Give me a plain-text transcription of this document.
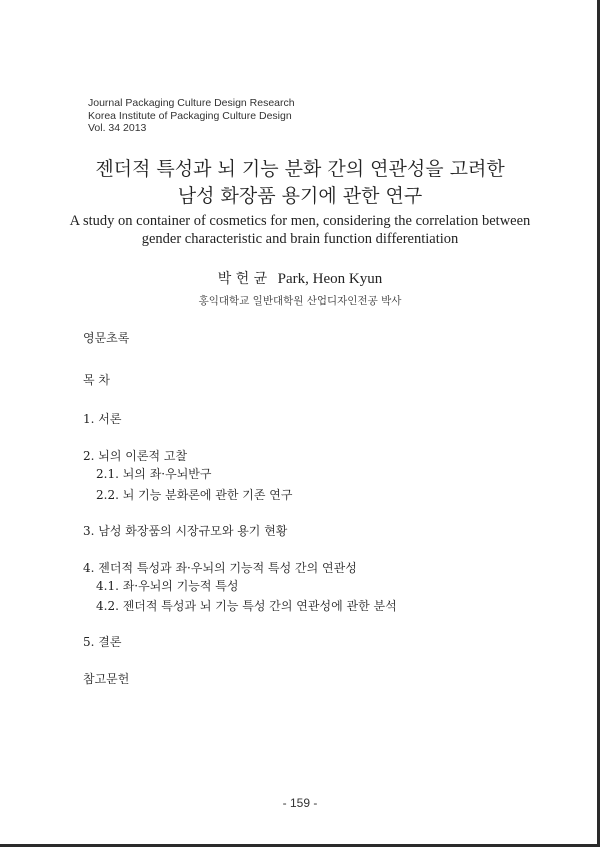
Journal Packaging Culture Design Research
Korea Institute of Packaging Culture Design
Vol. 34 2013
젠더적 특성과 뇌 기능 분화 간의 연관성을 고려한
남성 화장품 용기에 관한 연구
A study on container of cosmetics for men, considering the correlation between
gender characteristic and brain function differentiation
박 헌 균 Park, Heon Kyun
홍익대학교 일반대학원 산업디자인전공 박사
영문초록
목 차
1. 서론
2. 뇌의 이론적 고찰
2.1. 뇌의 좌·우뇌반구
2.2. 뇌 기능 분화론에 관한 기존 연구
3. 남성 화장품의 시장규모와 용기 현황
4. 젠더적 특성과 좌·우뇌의 기능적 특성 간의 연관성
4.1. 좌·우뇌의 기능적 특성
4.2. 젠더적 특성과 뇌 기능 특성 간의 연관성에 관한 분석
5. 결론
참고문헌
- 159 -
